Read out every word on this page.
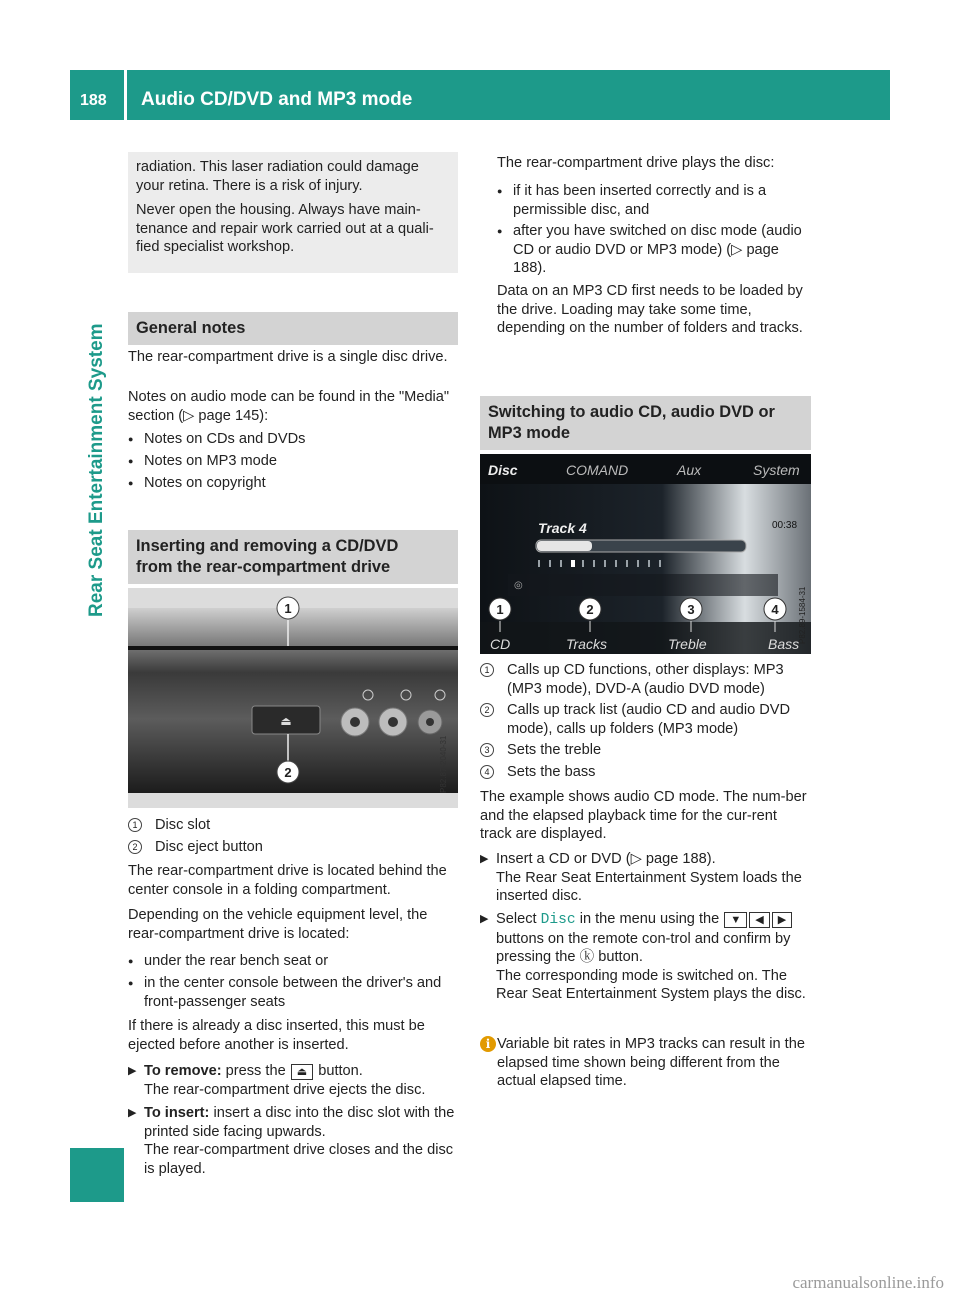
188 Audio CD/DVD and MP3 mode
Rear Seat Entertainment System

radiation. This laser radiation could damage your retina. There is a risk of injury.

Never open the housing. Always have main-tenance and repair work carried out at a quali-fied specialist workshop.

General notes
The rear-compartment drive is a single disc drive.
Notes on audio mode can be found in the "Media" section (▷ page 145):
● Notes on CDs and DVDs
● Notes on MP3 mode
● Notes on copyright
Inserting and removing a CD/DVD
from the rear-compartment drive
⏏
1
2	P82.87-2040-31
1	Disc slot
2	Disc eject button
The rear-compartment drive is located behind the center console in a folding compartment.
Depending on the vehicle equipment level, the rear-compartment drive is located:
● under the rear bench seat or
● in the center console between the driver's and front-passenger seats
If there is already a disc inserted, this must be ejected before another is inserted.
▶ To remove: press the ⏏ button.
The rear-compartment drive ejects the disc.
▶ To insert: insert a disc into the disc slot with the printed side facing upwards.
The rear-compartment drive closes and the disc is played.
The rear-compartment drive plays the disc:
● if it has been inserted correctly and is a permissible disc, and
● after you have switched on disc mode (audio CD or audio DVD or MP3 mode) (▷ page 188).
Data on an MP3 CD first needs to be loaded by the drive. Loading may take some time, depending on the number of folders and tracks.
Switching to audio CD, audio DVD or
MP3 mode
Disc	COMAND	Aux	System
Track 4	00:38
◎
CD	Tracks	Treble	Bass
1	2	3	4 P82.89-1584-31
1	Calls up CD functions, other displays: MP3 (MP3 mode), DVD-A (audio DVD mode)
2	Calls up track list (audio CD and audio DVD mode), calls up folders (MP3 mode)
3	Sets the treble
4	Sets the bass
The example shows audio CD mode. The num-ber and the elapsed playback time for the cur-rent track are displayed.
▶ Insert a CD or DVD (▷ page 188).
The Rear Seat Entertainment System loads the inserted disc.
▶ Select Disc in the menu using the ▼ ◀ ▶ buttons on the remote con-trol and confirm by pressing the ⓚ button.
The corresponding mode is switched on. The Rear Seat Entertainment System plays the disc.
i Variable bit rates in MP3 tracks can result in the elapsed time shown being different from the actual elapsed time.
carmanualsonline.info
